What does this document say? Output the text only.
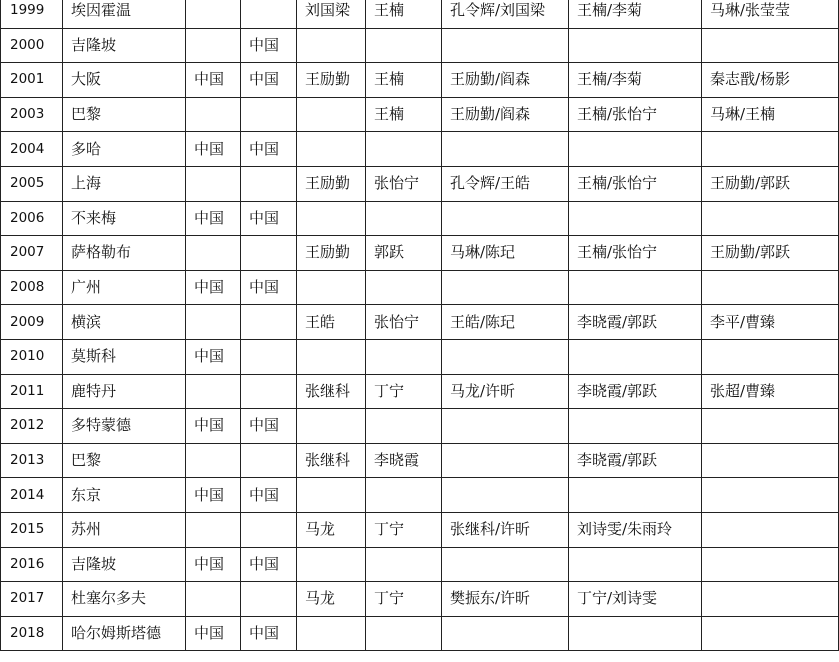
1999	埃因霍温			刘国梁	王楠	孔令辉/刘国梁	王楠/李菊	马琳/张莹莹
2000	吉隆坡		中国					
2001	大阪	中国	中国	王励勤	王楠	王励勤/阎森	王楠/李菊	秦志戬/杨影
2003	巴黎				王楠	王励勤/阎森	王楠/张怡宁	马琳/王楠
2004	多哈	中国	中国					
2005	上海			王励勤	张怡宁	孔令辉/王皓	王楠/张怡宁	王励勤/郭跃
2006	不来梅	中国	中国					
2007	萨格勒布			王励勤	郭跃	马琳/陈玘	王楠/张怡宁	王励勤/郭跃
2008	广州	中国	中国					
2009	横滨			王皓	张怡宁	王皓/陈玘	李晓霞/郭跃	李平/曹臻
2010	莫斯科	中国						
2011	鹿特丹			张继科	丁宁	马龙/许昕	李晓霞/郭跃	张超/曹臻
2012	多特蒙德	中国	中国					
2013	巴黎			张继科	李晓霞		李晓霞/郭跃	
2014	东京	中国	中国					
2015	苏州			马龙	丁宁	张继科/许昕	刘诗雯/朱雨玲	
2016	吉隆坡	中国	中国					
2017	杜塞尔多夫			马龙	丁宁	樊振东/许昕	丁宁/刘诗雯	
2018	哈尔姆斯塔德	中国	中国					
